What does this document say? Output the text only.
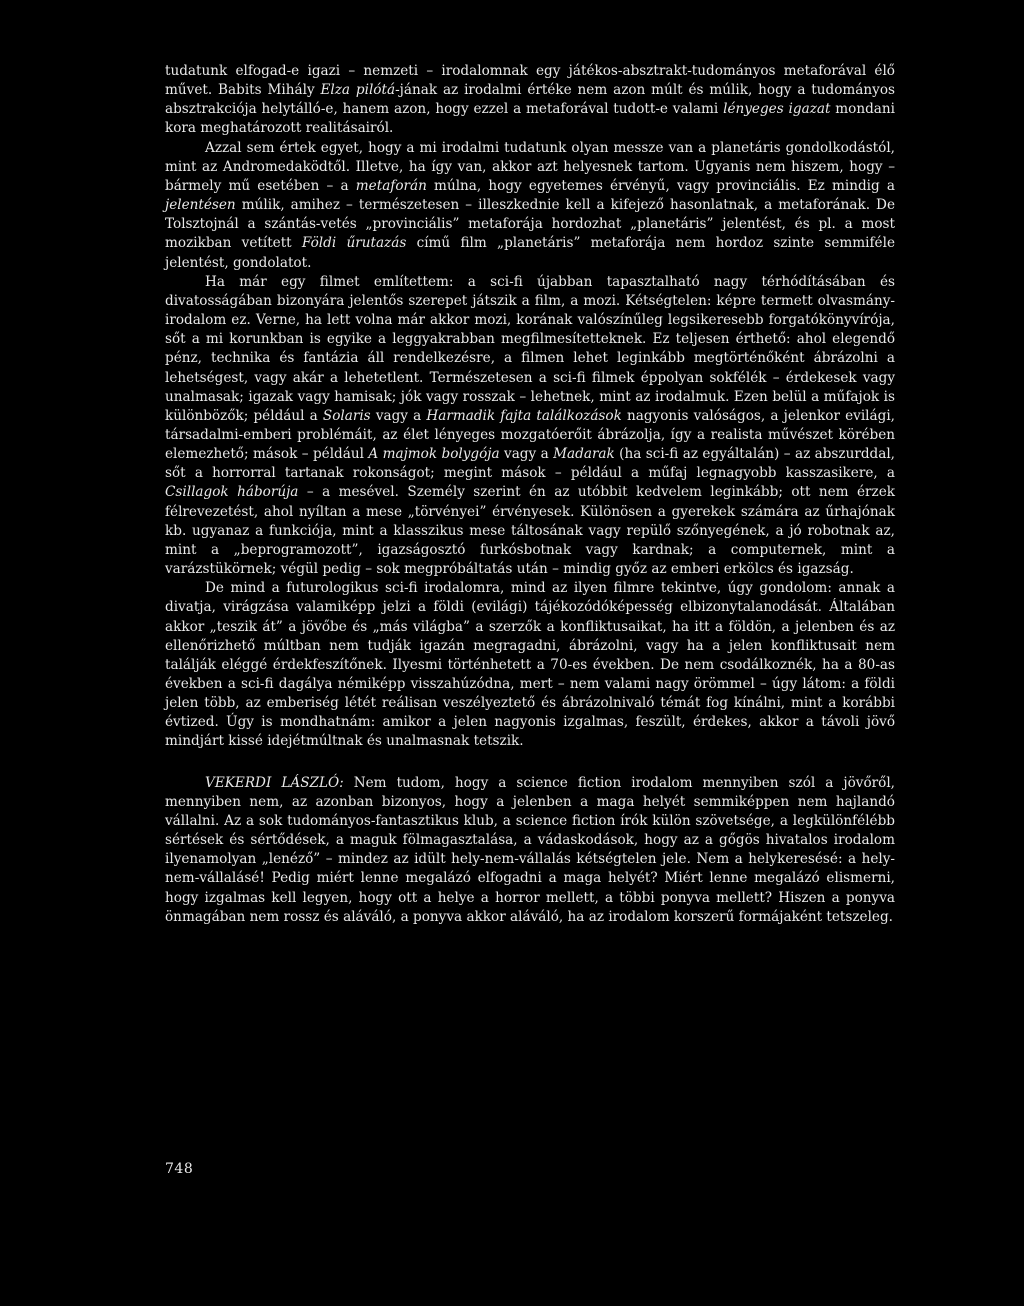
tudatunk elfogad-e igazi – nemzeti – irodalomnak egy játékos-absztrakt-tudományos metaforával élő művet. Babits Mihály Elza pilótá-jának az irodalmi értéke nem azon múlt és múlik, hogy a tudományos absztrakciója helytálló-e, hanem azon, hogy ezzel a metaforával tudott-e valami lényeges igazat mondani kora meghatározott realitásairól.

Azzal sem értek egyet, hogy a mi irodalmi tudatunk olyan messze van a planetáris gondolkodástól, mint az Andromedaködtől. Illetve, ha így van, akkor azt helyesnek tartom. Ugyanis nem hiszem, hogy – bármely mű esetében – a metaforán múlna, hogy egyetemes érvényű, vagy provinciális. Ez mindig a jelentésen múlik, amihez – természetesen – illeszkednie kell a kifejező hasonlatnak, a metaforának. De Tolsztojnál a szántás-vetés „provinciális” metaforája hordozhat „planetáris” jelentést, és pl. a most mozikban vetített Földi űrutazás című film „planetáris” metaforája nem hordoz szinte semmiféle jelentést, gondolatot.

Ha már egy filmet említettem: a sci-fi újabban tapasztalható nagy térhódításában és divatosságában bizonyára jelentős szerepet játszik a film, a mozi. Kétségtelen: képre termett olvasmány-irodalom ez. Verne, ha lett volna már akkor mozi, korának valószínűleg legsikeresebb forgatókönyvírója, sőt a mi korunkban is egyike a leggyakrabban megfilmesítetteknek. Ez teljesen érthető: ahol elegendő pénz, technika és fantázia áll rendelkezésre, a filmen lehet leginkább megtörténőként ábrázolni a lehetségest, vagy akár a lehetetlent. Természetesen a sci-fi filmek éppolyan sokfélék – érdekesek vagy unalmasak; igazak vagy hamisak; jók vagy rosszak – lehetnek, mint az irodalmuk. Ezen belül a műfajok is különbözők; például a Solaris vagy a Harmadik fajta találkozások nagyonis valóságos, a jelenkor evilági, társadalmi-emberi problémáit, az élet lényeges mozgatóerőit ábrázolja, így a realista művészet körében elemezhető; mások – például A majmok bolygója vagy a Madarak (ha sci-fi az egyáltalán) – az abszurddal, sőt a horrorral tartanak rokonságot; megint mások – például a műfaj legnagyobb kasszasikere, a Csillagok háborúja – a mesével. Személy szerint én az utóbbit kedvelem leginkább; ott nem érzek félrevezetést, ahol nyíltan a mese „törvényei” érvényesek. Különösen a gyerekek számára az űrhajónak kb. ugyanaz a funkciója, mint a klasszikus mese táltosának vagy repülő szőnyegének, a jó robotnak az, mint a „beprogramozott”, igazságosztó furkósbotnak vagy kardnak; a computernek, mint a varázstükörnek; végül pedig – sok megpróbáltatás után – mindig győz az emberi erkölcs és igazság.

De mind a futurologikus sci-fi irodalomra, mind az ilyen filmre tekintve, úgy gondolom: annak a divatja, virágzása valamiképp jelzi a földi (evilági) tájékozódóképesség elbizonytalanodását. Általában akkor „teszik át” a jövőbe és „más világba” a szerzők a konfliktusaikat, ha itt a földön, a jelenben és az ellenőrizhető múltban nem tudják igazán megragadni, ábrázolni, vagy ha a jelen konfliktusait nem találják eléggé érdekfeszítőnek. Ilyesmi történhetett a 70-es években. De nem csodálkoznék, ha a 80-as években a sci-fi dagálya némiképp visszahúzódna, mert – nem valami nagy örömmel – úgy látom: a földi jelen több, az emberiség létét reálisan veszélyeztető és ábrázolnivaló témát fog kínálni, mint a korábbi évtized. Úgy is mondhatnám: amikor a jelen nagyonis izgalmas, feszült, érdekes, akkor a távoli jövő mindjárt kissé idejétmúltnak és unalmasnak tetszik.

VEKERDI LÁSZLÓ: Nem tudom, hogy a science fiction irodalom mennyiben szól a jövőről, mennyiben nem, az azonban bizonyos, hogy a jelenben a maga helyét semmiképpen nem hajlandó vállalni. Az a sok tudományos-fantasztikus klub, a science fiction írók külön szövetsége, a legkülönfélébb sértések és sértődések, a maguk fölmagasztalása, a vádaskodások, hogy az a gőgös hivatalos irodalom ilyenamolyan „lenéző” – mindez az idült hely-nem-vállalás kétségtelen jele. Nem a helykeresésé: a hely-nem-vállalásé! Pedig miért lenne megalázó elfogadni a maga helyét? Miért lenne megalázó elismerni, hogy izgalmas kell legyen, hogy ott a helye a horror mellett, a többi ponyva mellett? Hiszen a ponyva önmagában nem rossz és aláváló, a ponyva akkor aláváló, ha az irodalom korszerű formájaként tetszeleg.

748
